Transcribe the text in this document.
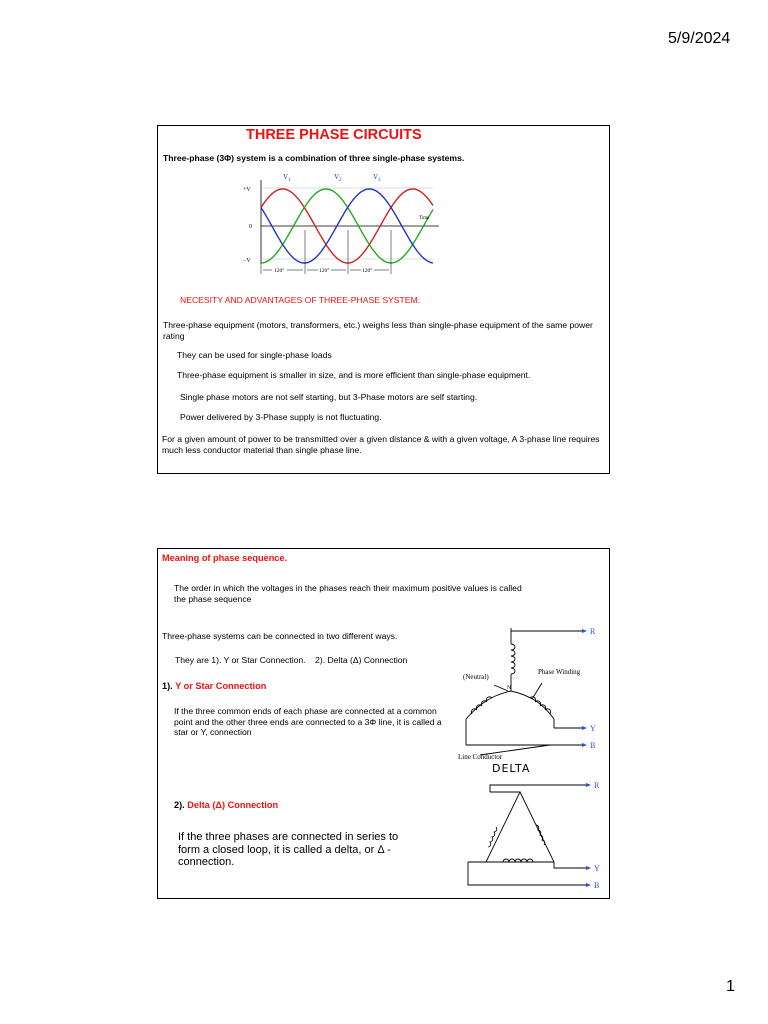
5/9/2024
THREE PHASE CIRCUITS
Three-phase (3Φ) system is a combination of three single-phase systems.
+V
0
−V
Time
V 1	V 2	V 3
120°	120°	120°
NECESITY AND ADVANTAGES OF THREE-PHASE SYSTEM:
Three-phase equipment (motors, transformers, etc.) weighs less than single-phase equipment of the same power rating
They can be used for single-phase loads
Three-phase equipment is smaller in size, and is more efficient than single-phase equipment.
Single phase motors are not self starting, but 3-Phase motors are self starting.
Power delivered by 3-Phase supply is not fluctuating.
For a given amount of power to be transmitted over a given distance & with a given voltage, A 3-phase line requires much less conductor material than single phase line.
Meaning of phase sequence.
The order in which the voltages in the phases reach their maximum positive values is called the phase sequence
Three-phase systems can be connected in two different ways.
They are 1). Y or Star Connection.    2). Delta (Δ) Connection
1). Y or Star Connection
If the three common ends of each phase are connected at a common point and the other three ends are connected to a 3Φ line, it is called a star or Y, connection
2). Delta (Δ) Connection
If the three phases are connected in series to form a closed loop, it is called a delta, or Δ - connection.
R
Y
B
(Neutral)
N
Phase Winding
Line Conductor
DELTA
R
Y
B
1
